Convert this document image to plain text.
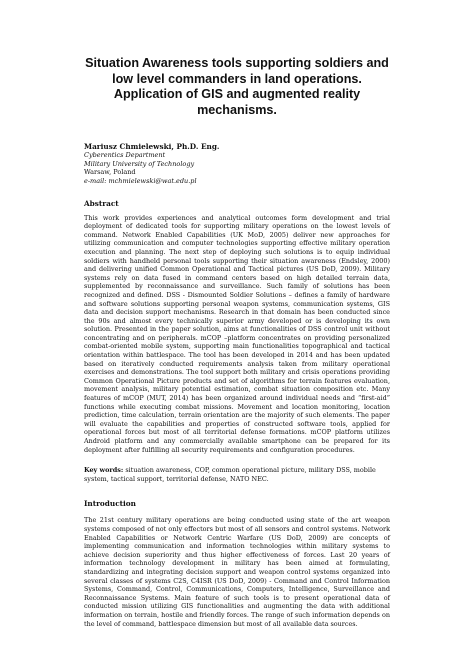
Situation Awareness tools supporting soldiers and low level commanders in land operations. Application of GIS and augmented reality mechanisms.
Mariusz Chmielewski, Ph.D. Eng.
Cyberentics Department
Military University of Technology
Warsaw, Poland
e-mail: mchmielewski@wat.edu.pl
Abstract

This work provides experiences and analytical outcomes form development and trial deployment of dedicated tools for supporting military operations on the lowest levels of command. Network Enabled Capabilities (UK MoD, 2005) deliver new approaches for utilizing communication and computer technologies supporting effective military operation execution and planning. The next step of deploying such solutions is to equip individual soldiers with handheld personal tools supporting their situation awareness (Endsley, 2000) and delivering unified Common Operational and Tactical pictures (US DoD, 2009). Military systems rely on data fused in command centers based on high detailed terrain data, supplemented by reconnaissance and surveillance. Such family of solutions has been recognized and defined. DSS - Dismounted Soldier Solutions – defines a family of hardware and software solutions supporting personal weapon systems, communication systems, GIS data and decision support mechanisms. Research in that domain has been conducted since the 90s and almost every technically superior army developed or is developing its own solution. Presented in the paper solution, aims at functionalities of DSS control unit without concentrating and on peripherals. mCOP –platform concentrates on providing personalized combat-oriented mobile system, supporting main functionalities topographical and tactical orientation within battlespace. The tool has been developed in 2014 and has been updated based on iteratively conducted requirements analysis taken from military operational exercises and demonstrations. The tool support both military and crisis operations providing Common Operational Picture products and set of algorithms for terrain features evaluation, movement analysis, military potential estimation, combat situation composition etc. Many features of mCOP (MUT, 2014) has been organized around individual needs and “first-aid” functions while executing combat missions. Movement and location monitoring, location prediction, time calculation, terrain orientation are the majority of such elements. The paper will evaluate the capabilities and properties of constructed software tools, applied for operational forces but most of all territorial defense formations. mCOP platform utilizes Android platform and any commercially available smartphone can be prepared for its deployment after fulfilling all security requirements and configuration procedures.

Key words: situation awareness, COP, common operational picture, military DSS, mobile system, tactical support, territorial defense, NATO NEC.

Introduction

The 21st century military operations are being conducted using state of the art weapon systems composed of not only effectors but most of all sensors and control systems. Network Enabled Capabilities or Network Centric Warfare (US DoD, 2009) are concepts of implementing communication and information technologies within military systems to achieve decision superiority and thus higher effectiveness of forces. Last 20 years of information technology development in military has been aimed at formulating, standardizing and integrating decision support and weapon control systems organized into several classes of systems C2S, C4ISR (US DoD, 2009) - Command and Control Information Systems, Command, Control, Communications, Computers, Intelligence, Surveillance and Reconnaissance Systems. Main feature of such tools is to present operational data of conducted mission utilizing GIS functionalities and augmenting the data with additional information on terrain, hostile and friendly forces. The range of such information depends on the level of command, battlespace dimension but most of all available data sources.
